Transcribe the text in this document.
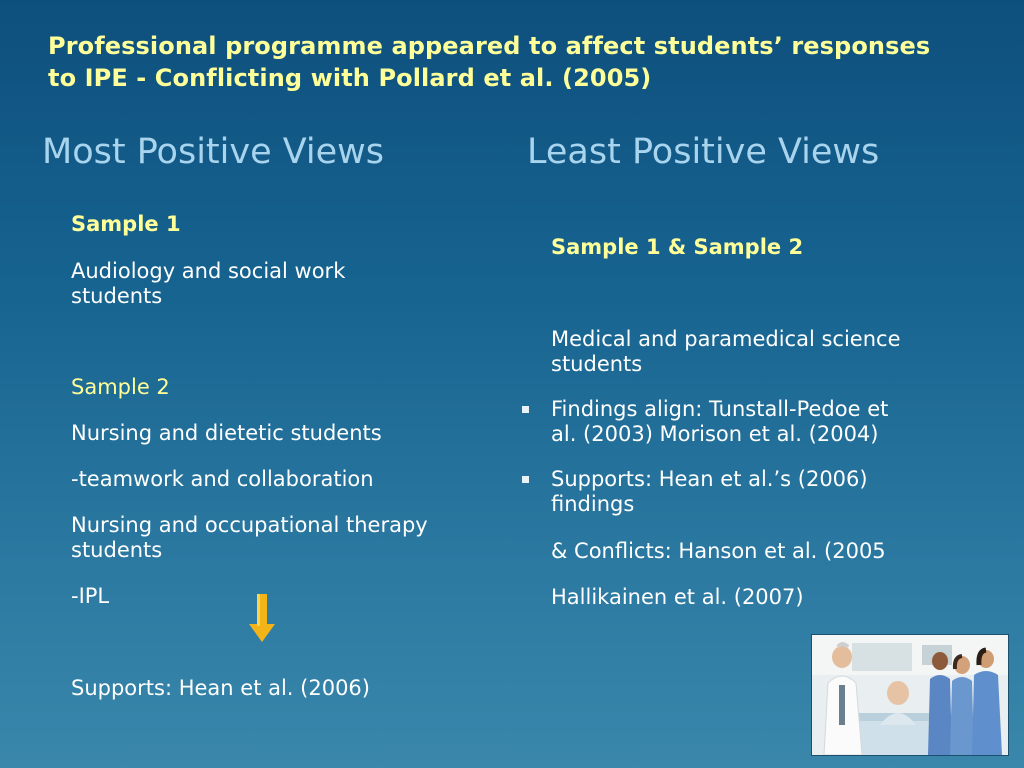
Professional programme appeared to affect students’ responses
to IPE - Conflicting with Pollard et al. (2005)
Most Positive Views	Least Positive Views
Sample 1
Audiology and social work
students
Sample 2
Nursing and dietetic students
-teamwork and collaboration
Nursing and occupational therapy
students
-IPL
Supports: Hean et al. (2006)
Sample 1 & Sample 2
Medical and paramedical science
students
Findings align: Tunstall-Pedoe et
al. (2003) Morison et al. (2004)
Supports: Hean et al.’s (2006)
findings
& Conflicts: Hanson et al. (2005
Hallikainen et al. (2007)
